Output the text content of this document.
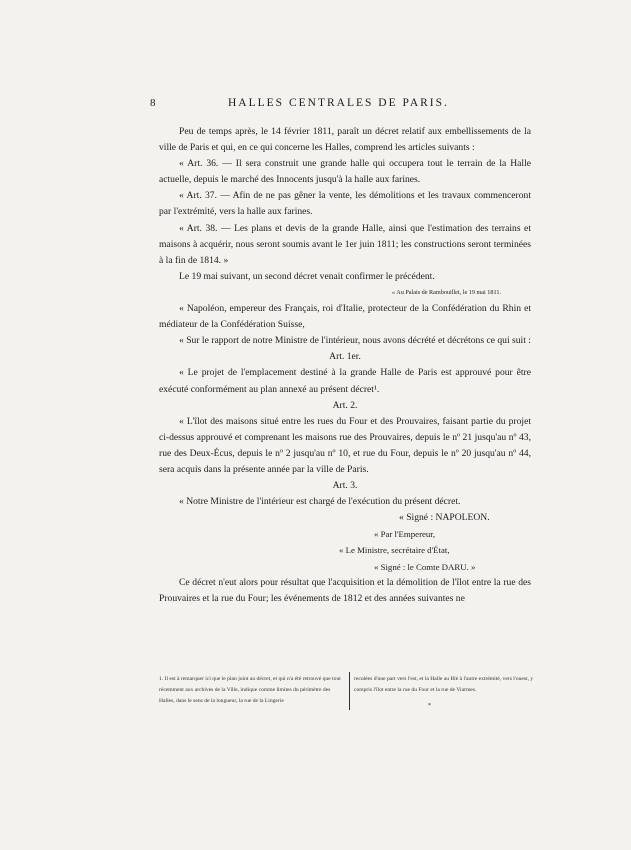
8	HALLES CENTRALES DE PARIS.

Peu de temps après, le 14 février 1811, paraît un décret relatif aux embellissements de la ville de Paris et qui, en ce qui concerne les Halles, comprend les articles suivants :

« Art. 36. — Il sera construit une grande halle qui occupera tout le terrain de la Halle actuelle, depuis le marché des Innocents jusqu'à la halle aux farines.

« Art. 37. — Afin de ne pas gêner la vente, les démolitions et les travaux commenceront par l'extrémité, vers la halle aux farines.

« Art. 38. — Les plans et devis de la grande Halle, ainsi que l'estimation des terrains et maisons à acquérir, nous seront soumis avant le 1er juin 1811; les constructions seront terminées à la fin de 1814. »

Le 19 mai suivant, un second décret venait confirmer le précédent.

« Au Palais de Rambouillet, le 19 mai 1811.

« Napoléon, empereur des Français, roi d'Italie, protecteur de la Confédération du Rhin et médiateur de la Confédération Suisse,

« Sur le rapport de notre Ministre de l'intérieur, nous avons décrété et décrétons ce qui suit :

Art. 1er.

« Le projet de l'emplacement destiné à la grande Halle de Paris est approuvé pour être exécuté conformément au plan annexé au présent décret¹.

Art. 2.

« L'îlot des maisons situé entre les rues du Four et des Prouvaires, faisant partie du projet ci-dessus approuvé et comprenant les maisons rue des Prouvaires, depuis le nº 21 jusqu'au nº 43, rue des Deux-Écus, depuis le nº 2 jusqu'au nº 10, et rue du Four, depuis le nº 20 jusqu'au nº 44, sera acquis dans la présente année par la ville de Paris.

Art. 3.

« Notre Ministre de l'intérieur est chargé de l'exécution du présent décret.

« Signé : NAPOLEON.

« Par l'Empereur,

« Le Ministre, secrétaire d'État,

« Signé : le Comte DARU. »

Ce décret n'eut alors pour résultat que l'acquisition et la démolition de l'îlot entre la rue des Prouvaires et la rue du Four; les événements de 1812 et des années suivantes ne

1. Il est à remarquer ici que le plan joint au décret, et qui n'a été retrouvé que tout récemment aux archives de la Ville, indique comme limites du périmètre des Halles, dans le sens de la longueur, la rue de la Lingerie
reculées d'une part vers l'est, et la Halle au Blé à l'autre extrémité, vers l'ouest, y compris l'îlot entre la rue du Four et la rue de Viarmes.
*
